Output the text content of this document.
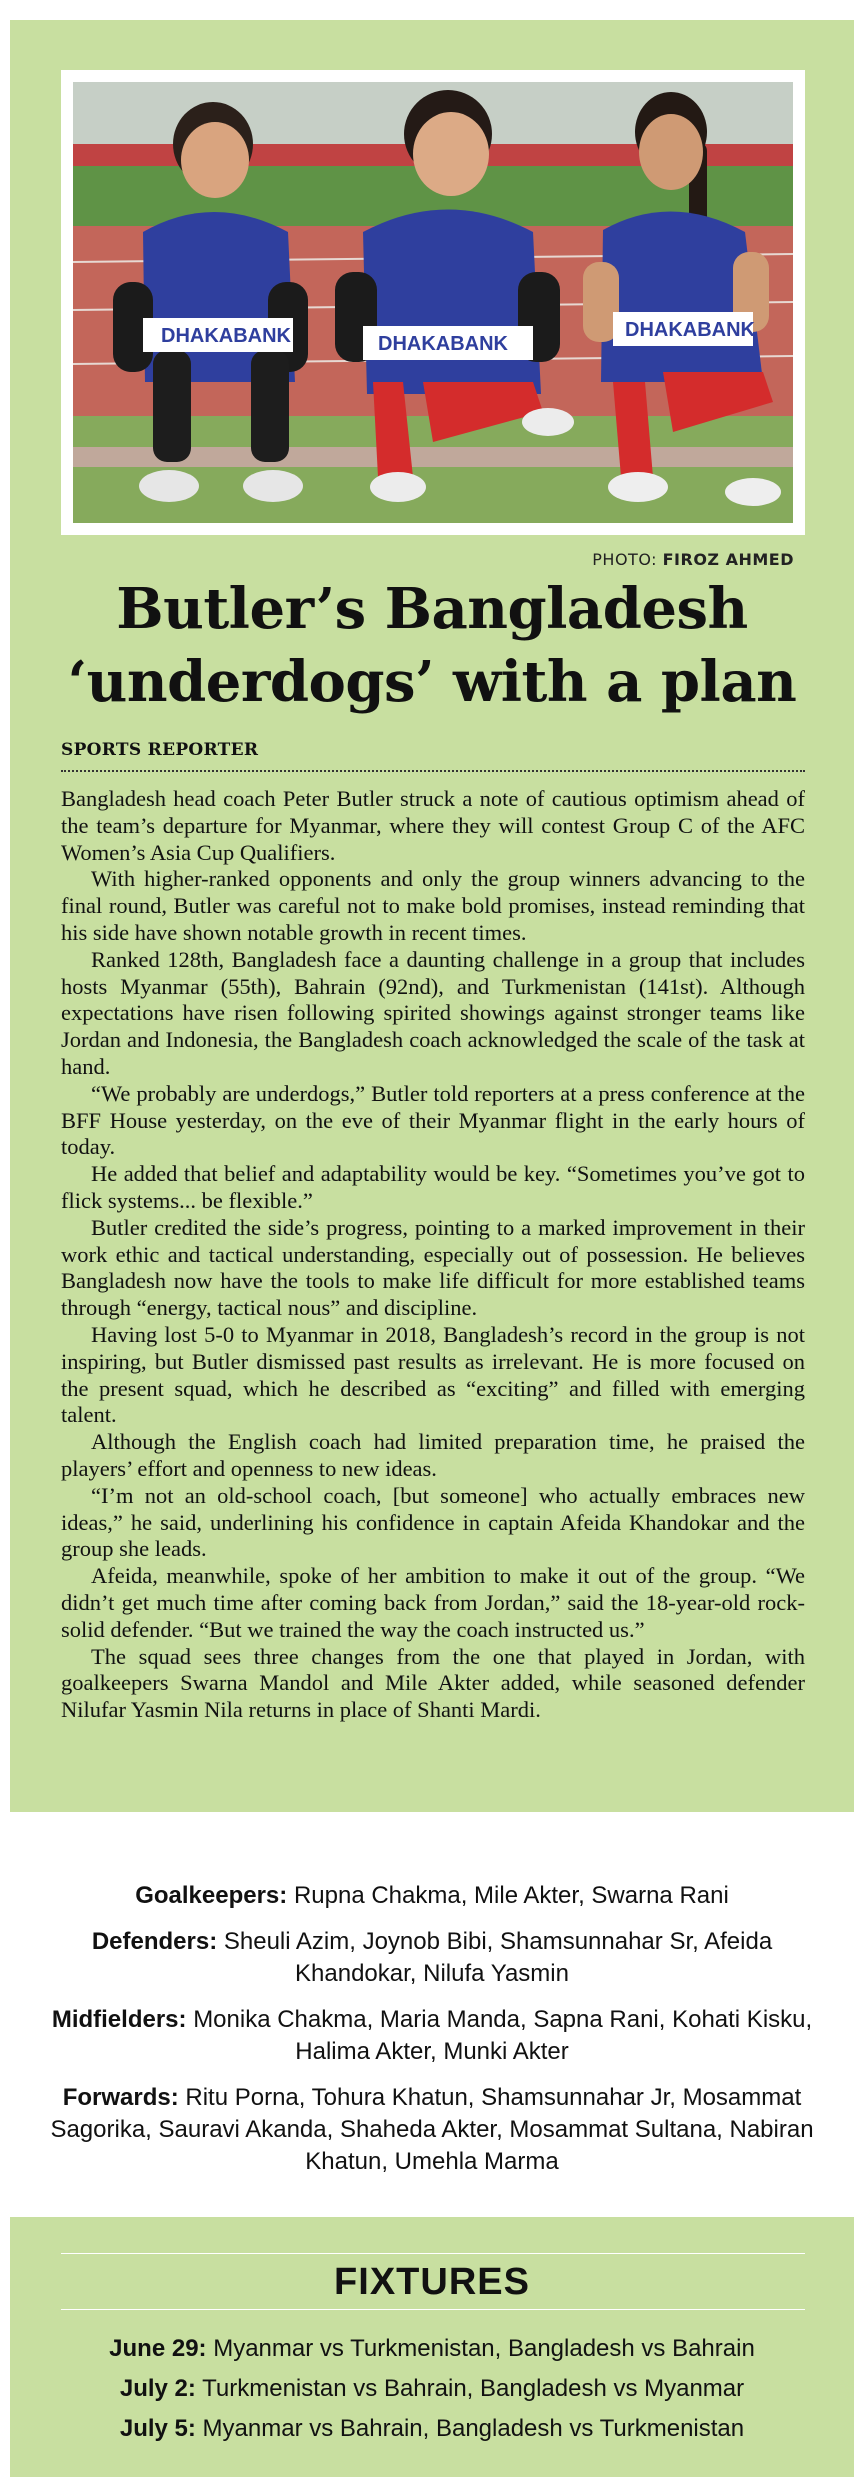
DHAKABANK	DHAKABANK
DHAKABANK
PHOTO: FIROZ AHMED
Butler’s Bangladesh
‘underdogs’ with a plan
SPORTS REPORTER

Bangladesh head coach Peter Butler struck a note of cautious optimism ahead of the team’s departure for Myanmar, where they will contest Group C of the AFC Women’s Asia Cup Qualifiers.

With higher-ranked opponents and only the group winners advancing to the final round, Butler was careful not to make bold promises, instead reminding that his side have shown notable growth in recent times.

Ranked 128th, Bangladesh face a daunting challenge in a group that includes hosts Myanmar (55th), Bahrain (92nd), and Turkmenistan (141st). Although expectations have risen following spirited showings against stronger teams like Jordan and Indonesia, the Bangladesh coach acknowledged the scale of the task at hand.

“We probably are underdogs,” Butler told reporters at a press conference at the BFF House yesterday, on the eve of their Myanmar flight in the early hours of today.

He added that belief and adaptability would be key. “Sometimes you’ve got to flick systems... be flexible.”

Butler credited the side’s progress, pointing to a marked improvement in their work ethic and tactical understanding, especially out of possession. He believes Bangladesh now have the tools to make life difficult for more established teams through “energy, tactical nous” and discipline.

Having lost 5-0 to Myanmar in 2018, Bangladesh’s record in the group is not inspiring, but Butler dismissed past results as irrelevant. He is more focused on the present squad, which he described as “exciting” and filled with emerging talent.

Although the English coach had limited preparation time, he praised the players’ effort and openness to new ideas.

“I’m not an old-school coach, [but someone] who actually embraces new ideas,” he said, underlining his confidence in captain Afeida Khandokar and the group she leads.

Afeida, meanwhile, spoke of her ambition to make it out of the group. “We didn’t get much time after coming back from Jordan,” said the 18-year-old rock-solid defender. “But we trained the way the coach instructed us.”

The squad sees three changes from the one that played in Jordan, with goalkeepers Swarna Mandol and Mile Akter added, while seasoned defender Nilufar Yasmin Nila returns in place of Shanti Mardi.

Goalkeepers: Rupna Chakma, Mile Akter, Swarna Rani
Defenders: Sheuli Azim, Joynob Bibi, Shamsunnahar Sr, Afeida Khandokar, Nilufa Yasmin
Midfielders: Monika Chakma, Maria Manda, Sapna Rani, Kohati Kisku, Halima Akter, Munki Akter
Forwards: Ritu Porna, Tohura Khatun, Shamsunnahar Jr, Mosammat Sagorika, Sauravi Akanda, Shaheda Akter, Mosammat Sultana, Nabiran Khatun, Umehla Marma
FIXTURES
June 29: Myanmar vs Turkmenistan, Bangladesh vs Bahrain
July 2: Turkmenistan vs Bahrain, Bangladesh vs Myanmar
July 5: Myanmar vs Bahrain, Bangladesh vs Turkmenistan
